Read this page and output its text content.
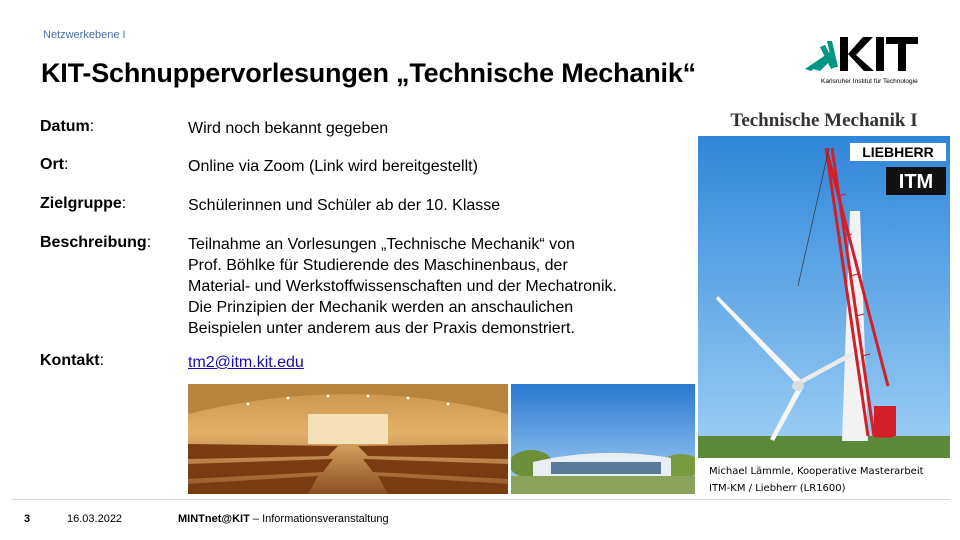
Netzwerkebene I
KIT-Schnuppervorlesungen „Technische Mechanik“	Karlsruher Institut für Technologie
Datum:	Wird noch bekannt gegeben
Ort:	Online via Zoom (Link wird bereitgestellt)
Zielgruppe:	Schülerinnen und Schüler ab der 10. Klasse
Beschreibung: Teilnahme an Vorlesungen „Technische Mechanik“ von
Prof. Böhlke für Studierende des Maschinenbaus, der
Material- und Werkstoffwissenschaften und der Mechatronik.
Die Prinzipien der Mechanik werden an anschaulichen
Beispielen unter anderem aus der Praxis demonstriert.
Kontakt:	tm2@itm.kit.edu
Technische Mechanik I
LIEBHERR
ITM
Michael Lämmle, Kooperative Masterarbeit
ITM-KM / Liebherr (LR1600)
3	16.03.2022	MINTnet@KIT – Informationsveranstaltung
